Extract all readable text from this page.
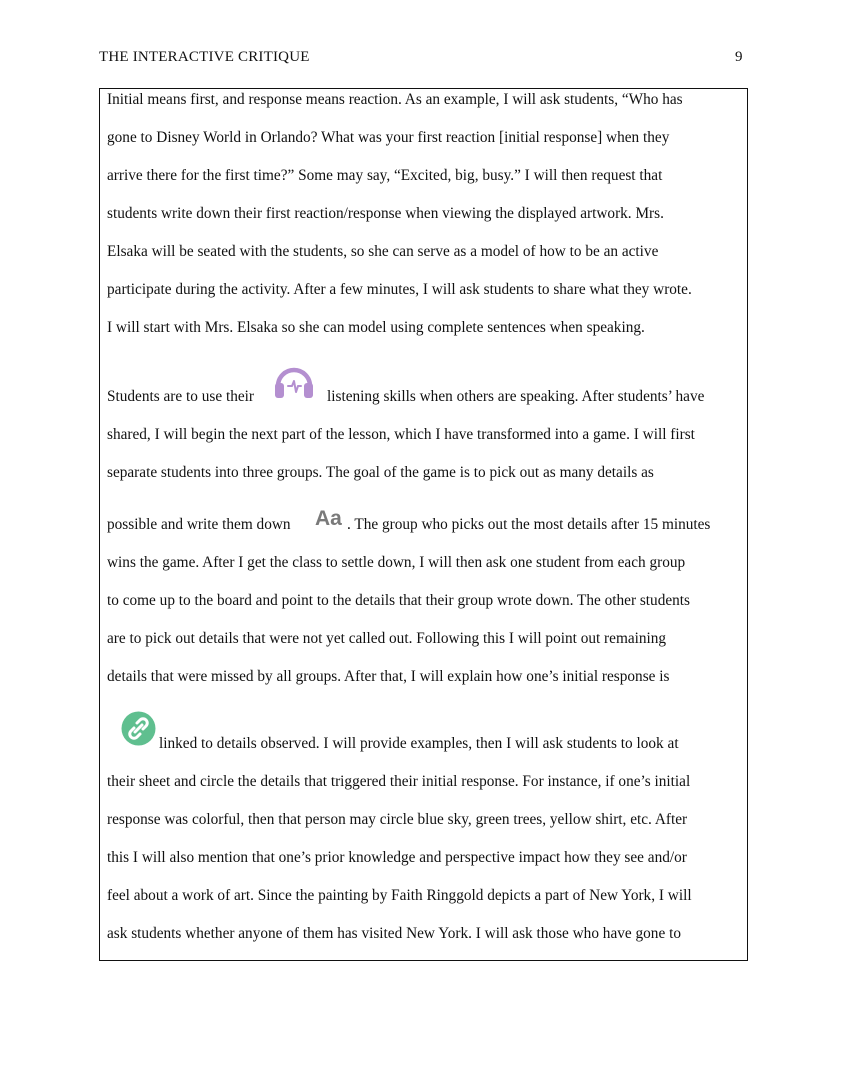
THE INTERACTIVE CRITIQUE	9
Initial means first, and response means reaction. As an example, I will ask students, “Who has
gone to Disney World in Orlando? What was your first reaction [initial response] when they
arrive there for the first time?” Some may say, “Excited, big, busy.” I will then request that
students write down their first reaction/response when viewing the displayed artwork. Mrs.
Elsaka will be seated with the students, so she can serve as a model of how to be an active
participate during the activity. After a few minutes, I will ask students to share what they wrote.
I will start with Mrs. Elsaka so she can model using complete sentences when speaking.
Students are to use their	listening skills when others are speaking. After students’ have
shared, I will begin the next part of the lesson, which I have transformed into a game. I will first
separate students into three groups. The goal of the game is to pick out as many details as
possible and write them down Aa . The group who picks out the most details after 15 minutes
wins the game. After I get the class to settle down, I will then ask one student from each group
to come up to the board and point to the details that their group wrote down. The other students
are to pick out details that were not yet called out. Following this I will point out remaining
details that were missed by all groups. After that, I will explain how one’s initial response is
linked to details observed. I will provide examples, then I will ask students to look at
their sheet and circle the details that triggered their initial response. For instance, if one’s initial
response was colorful, then that person may circle blue sky, green trees, yellow shirt, etc. After
this I will also mention that one’s prior knowledge and perspective impact how they see and/or
feel about a work of art. Since the painting by Faith Ringgold depicts a part of New York, I will
ask students whether anyone of them has visited New York. I will ask those who have gone to
